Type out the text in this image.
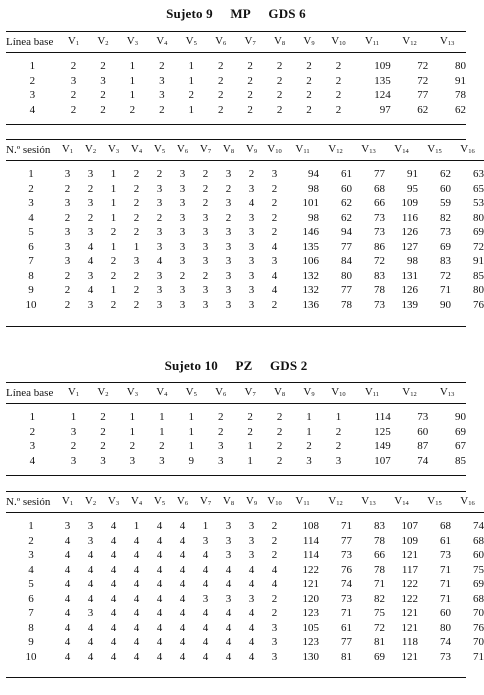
Sujeto 9 MP GDS 6
Línea base	$V_1$	$V_2$	$V_3$	$V_4$	$V_5$	$V_6$	$V_7$	$V_8$	$V_9$	$V_{10}$	$V_{11}$	$V_{12}$	$V_{13}$

1	2	2	1	2	1	2	2	2	2	2	109	72	80
2	3	3	1	3	1	2	2	2	2	2	135	72	91
3	2	2	1	3	2	2	2	2	2	2	124	77	78
4	2	2	2	2	1	2	2	2	2	2	97	62	62
N.º sesión	$V_1$	$V_2$	$V_3$	$V_4$	$V_5$	$V_6$	$V_7$	$V_8$	$V_9$	$V_{10}$	$V_{11}$	$V_{12}$	$V_{13}$	$V_{14}$	$V_{15}$	$V_{16}$

1	3	3	1	2	2	3	2	3	2	3	94	61	77	91	62	63
2	2	2	1	2	3	3	2	2	3	2	98	60	68	95	60	65
3	3	3	1	2	3	3	2	3	4	2	101	62	66	109	59	53
4	2	2	1	2	2	3	3	2	3	2	98	62	73	116	82	80
5	3	3	2	2	3	3	3	3	3	2	146	94	73	126	73	69
6	3	4	1	1	3	3	3	3	3	4	135	77	86	127	69	72
7	3	4	2	3	4	3	3	3	3	3	106	84	72	98	83	91
8	2	3	2	2	3	2	2	3	3	4	132	80	83	131	72	85
9	2	4	1	2	3	3	3	3	3	4	132	77	78	126	71	80
10	2	3	2	2	3	3	3	3	3	2	136	78	73	139	90	76
Sujeto 10 PZ GDS 2
Línea base	$V_1$	$V_2$	$V_3$	$V_4$	$V_5$	$V_6$	$V_7$	$V_8$	$V_9$	$V_{10}$	$V_{11}$	$V_{12}$	$V_{13}$

1	1	2	1	1	1	2	2	2	1	1	114	73	90
2	3	2	1	1	1	2	2	2	1	2	125	60	69
3	2	2	2	2	1	3	1	2	2	2	149	87	67
4	3	3	3	3	9	3	1	2	3	3	107	74	85
N.º sesión	$V_1$	$V_2$	$V_3$	$V_4$	$V_5$	$V_6$	$V_7$	$V_8$	$V_9$	$V_{10}$	$V_{11}$	$V_{12}$	$V_{13}$	$V_{14}$	$V_{15}$	$V_{16}$

1	3	3	4	1	4	4	1	3	3	2	108	71	83	107	68	74
2	4	3	4	4	4	4	3	3	3	2	114	77	78	109	61	68
3	4	4	4	4	4	4	4	3	3	2	114	73	66	121	73	60
4	4	4	4	4	4	4	4	4	4	4	122	76	78	117	71	75
5	4	4	4	4	4	4	4	4	4	4	121	74	71	122	71	69
6	4	4	4	4	4	4	3	3	3	2	120	73	82	122	71	68
7	4	3	4	4	4	4	4	4	4	2	123	71	75	121	60	70
8	4	4	4	4	4	4	4	4	4	3	105	61	72	121	80	76
9	4	4	4	4	4	4	4	4	4	3	123	77	81	118	74	70
10	4	4	4	4	4	4	4	4	4	3	130	81	69	121	73	71
